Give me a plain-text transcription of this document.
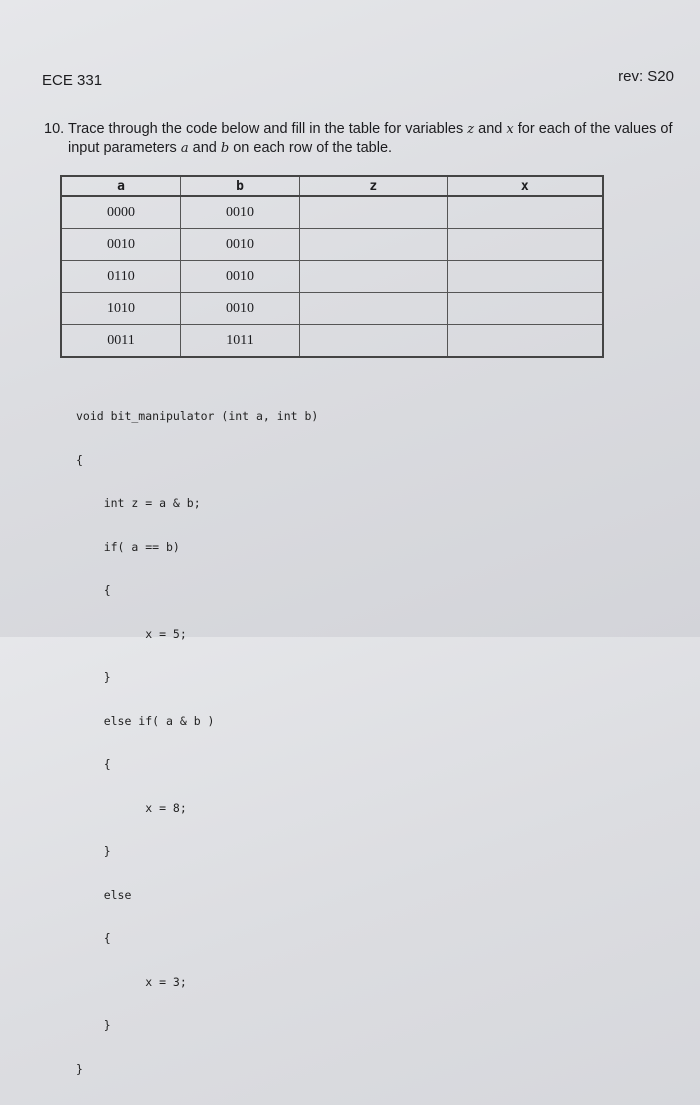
ECE 331	rev: S20
10. Trace through the code below and fill in the table for variables z and x for each of the values of
input parameters a and b on each row of the table.
a	b	z	x
0000	0010		
0010	0010		
0110	0010		
1010	0010		
0011	1011		

void bit_manipulator (int a, int b)

{

int z = a & b;

if( a == b)

{

x = 5;

}

else if( a & b )

{

x = 8;

}

else

{

x = 3;

}

}
